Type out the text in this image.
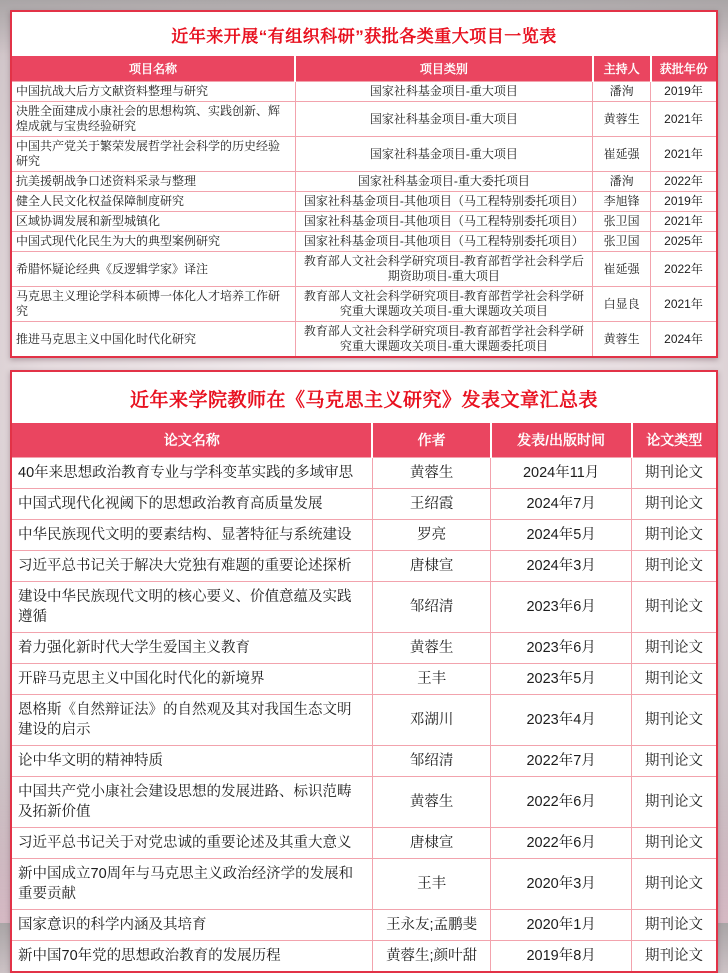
近年来开展“有组织科研”获批各类重大项目一览表
项目名称	项目类别	主持人	获批年份
中国抗战大后方文献资料整理与研究	国家社科基金项目-重大项目	潘洵	2019年
决胜全面建成小康社会的思想构筑、实践创新、辉煌成就与宝贵经验研究	国家社科基金项目-重大项目	黄蓉生	2021年
中国共产党关于繁荣发展哲学社会科学的历史经验研究	国家社科基金项目-重大项目	崔延强	2021年
抗美援朝战争口述资料采录与整理	国家社科基金项目-重大委托项目	潘洵	2022年
健全人民文化权益保障制度研究	国家社科基金项目-其他项目（马工程特别委托项目）	李旭锋	2019年
区域协调发展和新型城镇化	国家社科基金项目-其他项目（马工程特别委托项目）	张卫国	2021年
中国式现代化民生为大的典型案例研究	国家社科基金项目-其他项目（马工程特别委托项目）	张卫国	2025年
希腊怀疑论经典《反逻辑学家》译注	教育部人文社会科学研究项目-教育部哲学社会科学后期资助项目-重大项目	崔延强	2022年
马克思主义理论学科本硕博一体化人才培养工作研究	教育部人文社会科学研究项目-教育部哲学社会科学研究重大课题攻关项目-重大课题攻关项目	白显良	2021年
推进马克思主义中国化时代化研究	教育部人文社会科学研究项目-教育部哲学社会科学研究重大课题攻关项目-重大课题委托项目	黄蓉生	2024年
近年来学院教师在《马克思主义研究》发表文章汇总表
论文名称	作者	发表/出版时间	论文类型
40年来思想政治教育专业与学科变革实践的多域审思	黄蓉生	2024年11月	期刊论文
中国式现代化视阈下的思想政治教育高质量发展	王绍霞	2024年7月	期刊论文
中华民族现代文明的要素结构、显著特征与系统建设	罗亮	2024年5月	期刊论文
习近平总书记关于解决大党独有难题的重要论述探析	唐棣宣	2024年3月	期刊论文
建设中华民族现代文明的核心要义、价值意蕴及实践遵循	邹绍清	2023年6月	期刊论文
着力强化新时代大学生爱国主义教育	黄蓉生	2023年6月	期刊论文
开辟马克思主义中国化时代化的新境界	王丰	2023年5月	期刊论文
恩格斯《自然辩证法》的自然观及其对我国生态文明建设的启示	邓湖川	2023年4月	期刊论文
论中华文明的精神特质	邹绍清	2022年7月	期刊论文
中国共产党小康社会建设思想的发展进路、标识范畴及拓新价值	黄蓉生	2022年6月	期刊论文
习近平总书记关于对党忠诚的重要论述及其重大意义	唐棣宣	2022年6月	期刊论文
新中国成立70周年与马克思主义政治经济学的发展和重要贡献	王丰	2020年3月	期刊论文
国家意识的科学内涵及其培育	王永友;孟鹏斐	2020年1月	期刊论文
新中国70年党的思想政治教育的发展历程	黄蓉生;颜叶甜	2019年8月	期刊论文
